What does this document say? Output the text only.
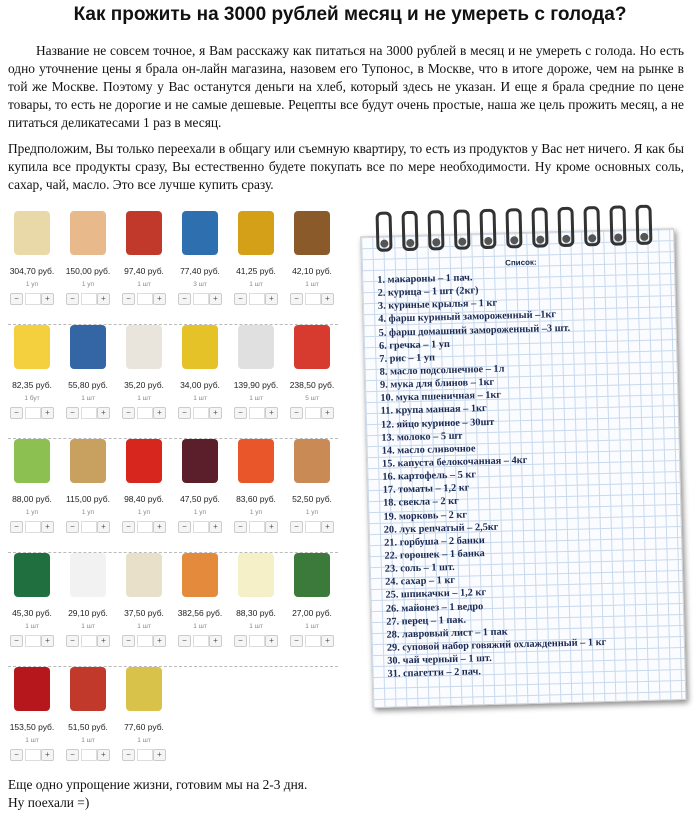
Как прожить на 3000 рублей месяц и не умереть с голода?
Название не совсем точное, я Вам расскажу как питаться на 3000 рублей в месяц и не умереть с голода. Но есть одно уточнение цены я брала он-лайн магазина, назовем его Тупонос, в Москве, что в итоге дороже, чем на рынке в той же Москве. Поэтому у Вас останутся деньги на хлеб, который здесь не указан. И еще я брала средние по цене товары, то есть не дорогие и не самые дешевые. Рецепты все будут очень простые, наша же цель прожить месяц, а не питаться деликатесами 1 раз в месяц.
Предположим, Вы только переехали в общагу или съемную квартиру, то есть из продуктов у Вас нет ничего. Я как бы купила все продукты сразу, Вы естественно будете покупать все по мере необходимости. Ну кроме основных соль, сахар, чай, масло. Это все лучше купить сразу.
304,70 руб.
1 уп
−	+
150,00 руб.
1 уп
−	+
97,40 руб.
1 шт
−	+
77,40 руб.
3 шт
−	+
41,25 руб.
1 шт
−	+
42,10 руб.
1 шт
−	+
82,35 руб.
1 бут
−	+
55,80 руб.
1 шт
−	+
35,20 руб.
1 шт
−	+
34,00 руб.
1 шт
−	+
139,90 руб.
1 шт
−	+
238,50 руб.
5 шт
−	+
88,00 руб.
1 уп
−	+
115,00 руб.
1 уп
−	+
98,40 руб.
1 уп
−	+
47,50 руб.
1 уп
−	+
83,60 руб.
1 уп
−	+
52,50 руб.
1 уп
−	+
45,30 руб.
1 шт
−	+
29,10 руб.
1 шт
−	+
37,50 руб.
1 шт
−	+
382,56 руб.
1 шт
−	+
88,30 руб.
1 шт
−	+
27,00 руб.
1 шт
−	+
153,50 руб.
1 шт
−	+
51,50 руб.
1 шт
−	+
77,60 руб.
1 шт
−	+
Список:
1. макароны – 1 пач.
2. курица – 1 шт (2кг)
3. куриные крылья – 1 кг
4. фарш куриный замороженный –1кг
5. фарш домашний замороженный –3 шт.
6. гречка – 1 уп
7. рис – 1 уп
8. масло подсолнечное – 1л
9. мука для блинов – 1кг
10. мука пшеничная – 1кг
11. крупа манная – 1кг
12. яйцо куриное – 30шт
13. молоко – 5 шт
14. масло сливочное
15. капуста белокочанная – 4кг
16. картофель – 5 кг
17. томаты – 1,2 кг
18. свекла – 2 кг
19. морковь – 2 кг
20. лук репчатый – 2,5кг
21. горбуша – 2 банки
22. горошек – 1 банка
23. соль – 1 шт.
24. сахар – 1 кг
25. шпикачки – 1,2 кг
26. майонез – 1 ведро
27. перец – 1 пак.
28. лавровый лист – 1 пак
29. суповой набор говяжий охлажденный – 1 кг
30. чай черный – 1 шт.
31. спагетти – 2 пач.
Еще одно упрощение жизни, готовим мы на 2-3 дня.
Ну поехали =)
